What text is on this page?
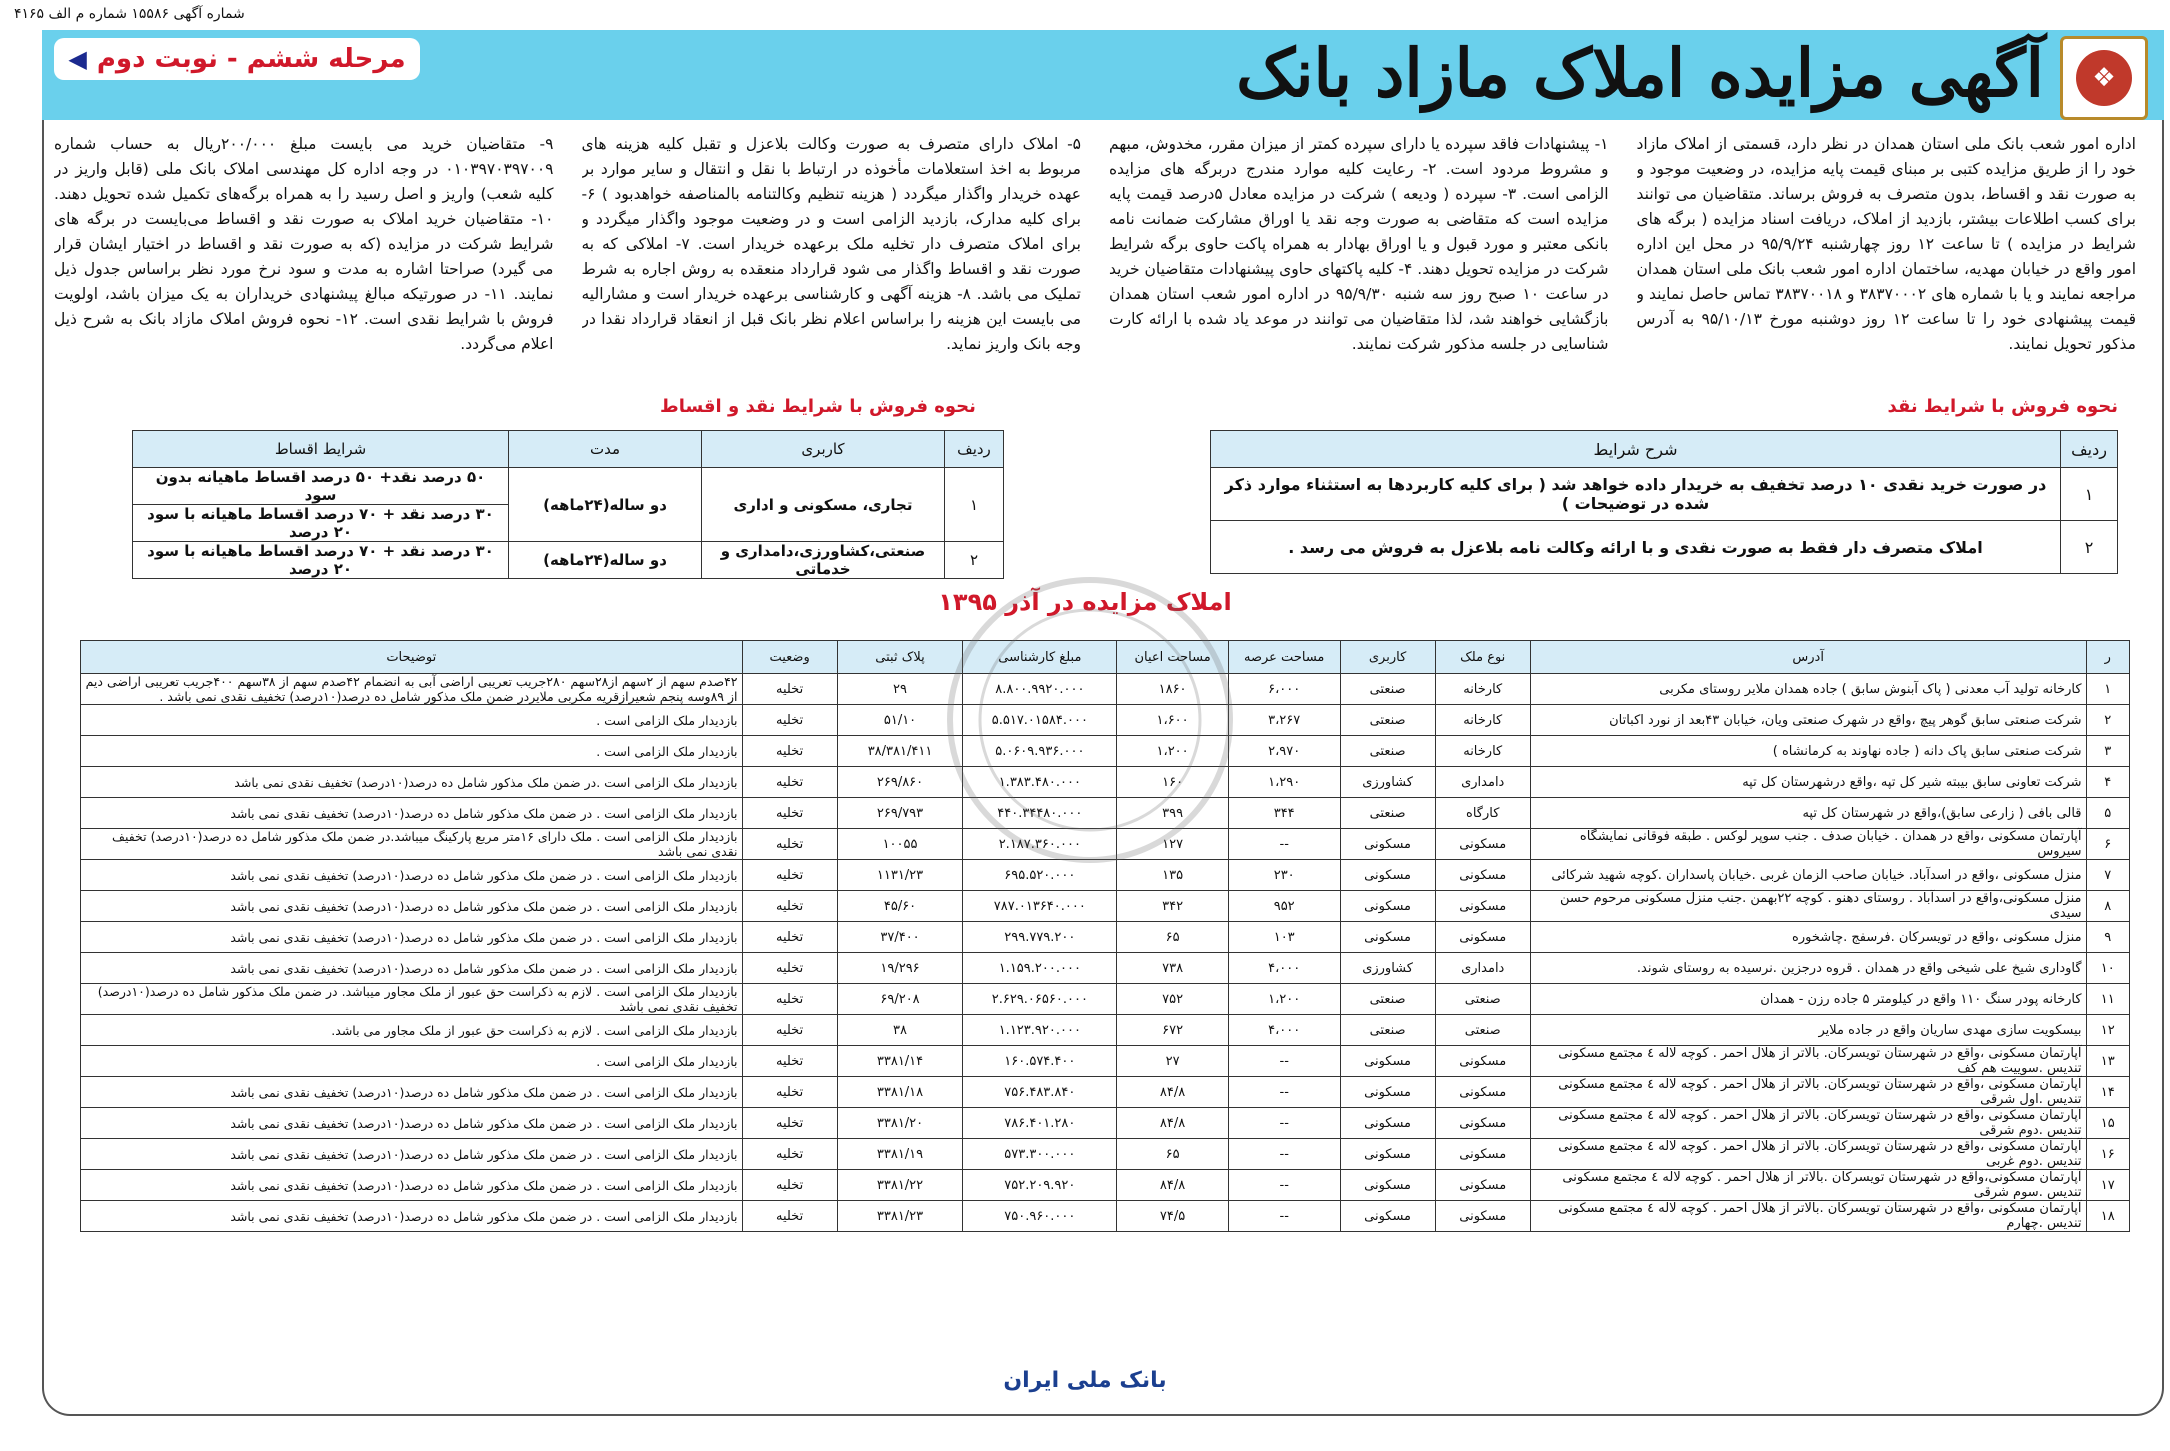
شماره آگهی ۱۵۵۸۶ شماره م الف ۴۱۶۵
❖
آگهی مزایده املاک مازاد بانک
مرحله ششم - نوبت دوم
◀

اداره امور شعب بانک ملی استان همدان در نظر دارد، قسمتی از املاک مازاد خود را از طریق مزایده کتبی بر مبنای قیمت پایه مزایده، در وضعیت موجود و به صورت نقد و اقساط، بدون متصرف به فروش برساند. متقاضیان می توانند برای کسب اطلاعات بیشتر، بازدید از املاک، دریافت اسناد مزایده ( برگه های شرایط در مزایده ) تا ساعت ۱۲ روز چهارشنبه ۹۵/۹/۲۴ در محل این اداره امور واقع در خیابان مهدیه، ساختمان اداره امور شعب بانک ملی استان همدان مراجعه نمایند و یا با شماره های ۳۸۳۷۰۰۰۲ و ۳۸۳۷۰۰۱۸ تماس حاصل نمایند و قیمت پیشنهادی خود را تا ساعت ۱۲ روز دوشنبه مورخ ۹۵/۱۰/۱۳ به آدرس مذکور تحویل نمایند.

۱- پیشنهادات فاقد سپرده یا دارای سپرده کمتر از میزان مقرر، مخدوش، مبهم و مشروط مردود است. ۲- رعایت کلیه موارد مندرج دربرگه های مزایده الزامی است. ۳- سپرده ( ودیعه ) شرکت در مزایده معادل ۵درصد قیمت پایه مزایده است که متقاضی به صورت وجه نقد یا اوراق مشارکت ضمانت نامه بانکی معتبر و مورد قبول و یا اوراق بهادار به همراه پاکت حاوی برگه شرایط شرکت در مزایده تحویل دهند. ۴- کلیه پاکتهای حاوی پیشنهادات متقاضیان خرید در ساعت ۱۰ صبح روز سه شنبه ۹۵/۹/۳۰ در اداره امور شعب استان همدان بازگشایی خواهند شد، لذا متقاضیان می توانند در موعد یاد شده با ارائه کارت شناسایی در جلسه مذکور شرکت نمایند.

۵- املاک دارای متصرف به صورت وکالت بلاعزل و تقبل کلیه هزینه های مربوط به اخذ استعلامات مأخوذه در ارتباط با نقل و انتقال و سایر موارد بر عهده خریدار واگذار میگردد ( هزینه تنظیم وکالتنامه بالمناصفه خواهدبود ) ۶- برای کلیه مدارک، بازدید الزامی است و در وضعیت موجود واگذار میگردد و برای املاک متصرف دار تخلیه ملک برعهده خریدار است. ۷- املاکی که به صورت نقد و اقساط واگذار می شود قرارداد منعقده به روش اجاره به شرط تملیک می باشد. ۸- هزینه آگهی و کارشناسی برعهده خریدار است و مشارالیه می بایست این هزینه را براساس اعلام نظر بانک قبل از انعقاد قرارداد نقدا در وجه بانک واریز نماید.

۹- متقاضیان خرید می بایست مبلغ ۲۰۰/۰۰۰ریال به حساب شماره ۰۱۰۳۹۷۰۳۹۷۰۰۹ در وجه اداره کل مهندسی املاک بانک ملی (قابل واریز در کلیه شعب) واریز و اصل رسید را به همراه برگه‌های تکمیل شده تحویل دهند. ۱۰- متقاضیان خرید املاک به صورت نقد و اقساط می‌بایست در برگه های شرایط شرکت در مزایده (که به صورت نقد و اقساط در اختیار ایشان قرار می گیرد) صراحتا اشاره به مدت و سود نرخ مورد نظر براساس جدول ذیل نمایند. ۱۱- در صورتیکه مبالغ پیشنهادی خریداران به یک میزان باشد، اولویت فروش با شرایط نقدی است. ۱۲- نحوه فروش املاک مازاد بانک به شرح ذیل اعلام می‌گردد.

نحوه فروش با شرایط نقد
نحوه فروش با شرایط نقد و اقساط
ردیف	شرح شرایط
۱	در صورت خرید نقدی ۱۰ درصد تخفیف به خریدار داده خواهد شد ( برای کلیه کاربردها به استثناء موارد ذکر شده در توضیحات )
۲	املاک متصرف دار فقط به صورت نقدی و با ارائه وکالت نامه بلاعزل به فروش می رسد .
ردیف	کاربری	مدت	شرایط اقساط
۱	تجاری، مسکونی و اداری	دو ساله(۲۴ماهه)	۵۰ درصد نقد+ ۵۰ درصد اقساط ماهیانه بدون سود
			۳۰ درصد نقد + ۷۰ درصد اقساط ماهیانه با سود ۲۰ درصد
۲	صنعتی،کشاورزی،دامداری و خدماتی	دو ساله(۲۴ماهه)	۳۰ درصد نقد + ۷۰ درصد اقساط ماهیانه با سود ۲۰ درصد
املاک مزایده در آذر ۱۳۹۵
ر	آدرس	نوع ملک	کاربری	مساحت عرصه	مساحت اعیان	مبلغ کارشناسی	پلاک ثبتی	وضعیت	توضیحات
۱	کارخانه تولید آب معدنی ( پاک آبنوش سابق ) جاده همدان ملایر روستای مکربی	کارخانه	صنعتی	۶،۰۰۰	۱۸۶۰	۸.۸۰۰.۹۹۲۰.۰۰۰	۲۹	تخلیه	۴۲صدم سهم از ۲سهم از۲۸سهم ۲۸۰جریب تعریبی اراضی آبی به انضمام ۴۲صدم سهم از ۳۸سهم ۴۰۰جریب تعریبی اراضی دیم از ۸۹وسه پنجم شعیرازقریه مکربی ملایردر ضمن ملک مذکور شامل ده درصد(۱۰درصد) تخفیف نقدی نمی باشد .
۲	شرکت صنعتی سابق گوهر پیچ ،واقع در شهرک صنعتی ویان، خیابان ۴۳بعد از نورد اکباتان	کارخانه	صنعتی	۳،۲۶۷	۱،۶۰۰	۵.۵۱۷.۰۱۵۸۴.۰۰۰	۵۱/۱۰	تخلیه	بازدیدار ملک الزامی است .
۳	شرکت صنعتی سابق پاک دانه ( جاده نهاوند به کرمانشاه )	کارخانه	صنعتی	۲،۹۷۰	۱،۲۰۰	۵.۰۶۰۹.۹۳۶.۰۰۰	۳۸/۳۸۱/۴۱۱	تخلیه	بازدیدار ملک الزامی است .
۴	شرکت تعاونی سابق بیبته شیر کل تپه ،واقع درشهرستان کل تپه	دامداری	کشاورزی	۱،۲۹۰	۱۶۰	۱.۳۸۳.۴۸۰.۰۰۰	۲۶۹/۸۶۰	تخلیه	بازدیدار ملک الزامی است .در ضمن ملک مذکور شامل ده درصد(۱۰درصد) تخفیف نقدی نمی باشد
۵	قالی بافی ( زارعی سابق)،واقع در شهرستان کل تپه	کارگاه	صنعتی	۳۴۴	۳۹۹	۴۴۰.۳۴۴۸۰.۰۰۰	۲۶۹/۷۹۳	تخلیه	بازدیدار ملک الزامی است . در ضمن ملک مذکور شامل ده درصد(۱۰درصد) تخفیف نقدی نمی باشد
۶	آپارتمان مسکونی ،واقع در همدان . خیابان صدف . جنب سوپر لوکس . طبقه فوقانی نمایشگاه سیروس	مسکونی	مسکونی	--	۱۲۷	۲.۱۸۷.۳۶۰.۰۰۰	۱۰۰۵۵	تخلیه	بازدیدار ملک الزامی است . ملک دارای ۱۶متر مربع پارکینگ میباشد.در ضمن ملک مذکور شامل ده درصد(۱۰درصد) تخفیف نقدی نمی باشد
۷	منزل مسکونی ،واقع در اسدآباد. خیابان صاحب الزمان غربی .خیابان پاسداران .کوچه شهید شرکائی	مسکونی	مسکونی	۲۳۰	۱۳۵	۶۹۵.۵۲۰.۰۰۰	۱۱۳۱/۲۳	تخلیه	بازدیدار ملک الزامی است . در ضمن ملک مذکور شامل ده درصد(۱۰درصد) تخفیف نقدی نمی باشد
۸	منزل مسکونی،واقع در اسدآباد . روستای دهنو . کوچه ۲۲بهمن .جنب منزل مسکونی مرحوم حسن سیدی	مسکونی	مسکونی	۹۵۲	۳۴۲	۷۸۷.۰۱۳۶۴۰.۰۰۰	۴۵/۶۰	تخلیه	بازدیدار ملک الزامی است . در ضمن ملک مذکور شامل ده درصد(۱۰درصد) تخفیف نقدی نمی باشد
۹	منزل مسکونی ،واقع در تویسرکان .فرسفج .چاشخوره	مسکونی	مسکونی	۱۰۳	۶۵	۲۹۹.۷۷۹.۲۰۰	۳۷/۴۰۰	تخلیه	بازدیدار ملک الزامی است . در ضمن ملک مذکور شامل ده درصد(۱۰درصد) تخفیف نقدی نمی باشد
۱۰	گاوداری شیخ علی شیخی واقع در همدان . قروه درجزین .نرسیده به روستای شوند.	دامداری	کشاورزی	۴،۰۰۰	۷۳۸	۱.۱۵۹.۲۰۰.۰۰۰	۱۹/۲۹۶	تخلیه	بازدیدار ملک الزامی است . در ضمن ملک مذکور شامل ده درصد(۱۰درصد) تخفیف نقدی نمی باشد
۱۱	کارخانه پودر سنگ ۱۱۰ واقع در کیلومتر ۵ جاده رزن - همدان	صنعتی	صنعتی	۱،۲۰۰	۷۵۲	۲.۶۲۹.۰۶۵۶۰.۰۰۰	۶۹/۲۰۸	تخلیه	بازدیدار ملک الزامی است . لازم به ذکراست حق عبور از ملک مجاور میباشد. در ضمن ملک مذکور شامل ده درصد(۱۰درصد) تخفیف نقدی نمی باشد
۱۲	بیسکویت سازی مهدی ساریان واقع در جاده ملایر	صنعتی	صنعتی	۴،۰۰۰	۶۷۲	۱.۱۲۳.۹۲۰.۰۰۰	۳۸	تخلیه	بازدیدار ملک الزامی است . لازم به ذکراست حق عبور از ملک مجاور می باشد.
۱۳	آپارتمان مسکونی ،واقع در شهرستان تویسرکان. بالاتر از هلال احمر . کوچه لاله ٤ مجتمع مسکونی تندیس .سوییت هم کف	مسکونی	مسکونی	--	۲۷	۱۶۰.۵۷۴.۴۰۰	۳۳۸۱/۱۴	تخلیه	بازدیدار ملک الزامی است .
۱۴	آپارتمان مسکونی ،واقع در شهرستان تویسرکان. بالاتر از هلال احمر . کوچه لاله ٤ مجتمع مسکونی تندیس .اول شرقی	مسکونی	مسکونی	--	۸۴/۸	۷۵۶.۴۸۳.۸۴۰	۳۳۸۱/۱۸	تخلیه	بازدیدار ملک الزامی است . در ضمن ملک مذکور شامل ده درصد(۱۰درصد) تخفیف نقدی نمی باشد
۱۵	آپارتمان مسکونی ،واقع در شهرستان تویسرکان. بالاتر از هلال احمر . کوچه لاله ٤ مجتمع مسکونی تندیس .دوم شرقی	مسکونی	مسکونی	--	۸۴/۸	۷۸۶.۴۰۱.۲۸۰	۳۳۸۱/۲۰	تخلیه	بازدیدار ملک الزامی است . در ضمن ملک مذکور شامل ده درصد(۱۰درصد) تخفیف نقدی نمی باشد
۱۶	آپارتمان مسکونی ،واقع در شهرستان تویسرکان. بالاتر از هلال احمر . کوچه لاله ٤ مجتمع مسکونی تندیس .دوم غربی	مسکونی	مسکونی	--	۶۵	۵۷۳.۳۰۰.۰۰۰	۳۳۸۱/۱۹	تخلیه	بازدیدار ملک الزامی است . در ضمن ملک مذکور شامل ده درصد(۱۰درصد) تخفیف نقدی نمی باشد
۱۷	آپارتمان مسکونی،واقع در شهرستان تویسرکان .بالاتر از هلال احمر . کوچه لاله ٤ مجتمع مسکونی تندیس .سوم شرقی	مسکونی	مسکونی	--	۸۴/۸	۷۵۲.۲۰۹.۹۲۰	۳۳۸۱/۲۲	تخلیه	بازدیدار ملک الزامی است . در ضمن ملک مذکور شامل ده درصد(۱۰درصد) تخفیف نقدی نمی باشد
۱۸	آپارتمان مسکونی ،واقع در شهرستان تویسرکان .بالاتر از هلال احمر . کوچه لاله ٤ مجتمع مسکونی تندیس .چهارم	مسکونی	مسکونی	--	۷۴/۵	۷۵۰.۹۶۰.۰۰۰	۳۳۸۱/۲۳	تخلیه	بازدیدار ملک الزامی است . در ضمن ملک مذکور شامل ده درصد(۱۰درصد) تخفیف نقدی نمی باشد
بانک ملی ایران
